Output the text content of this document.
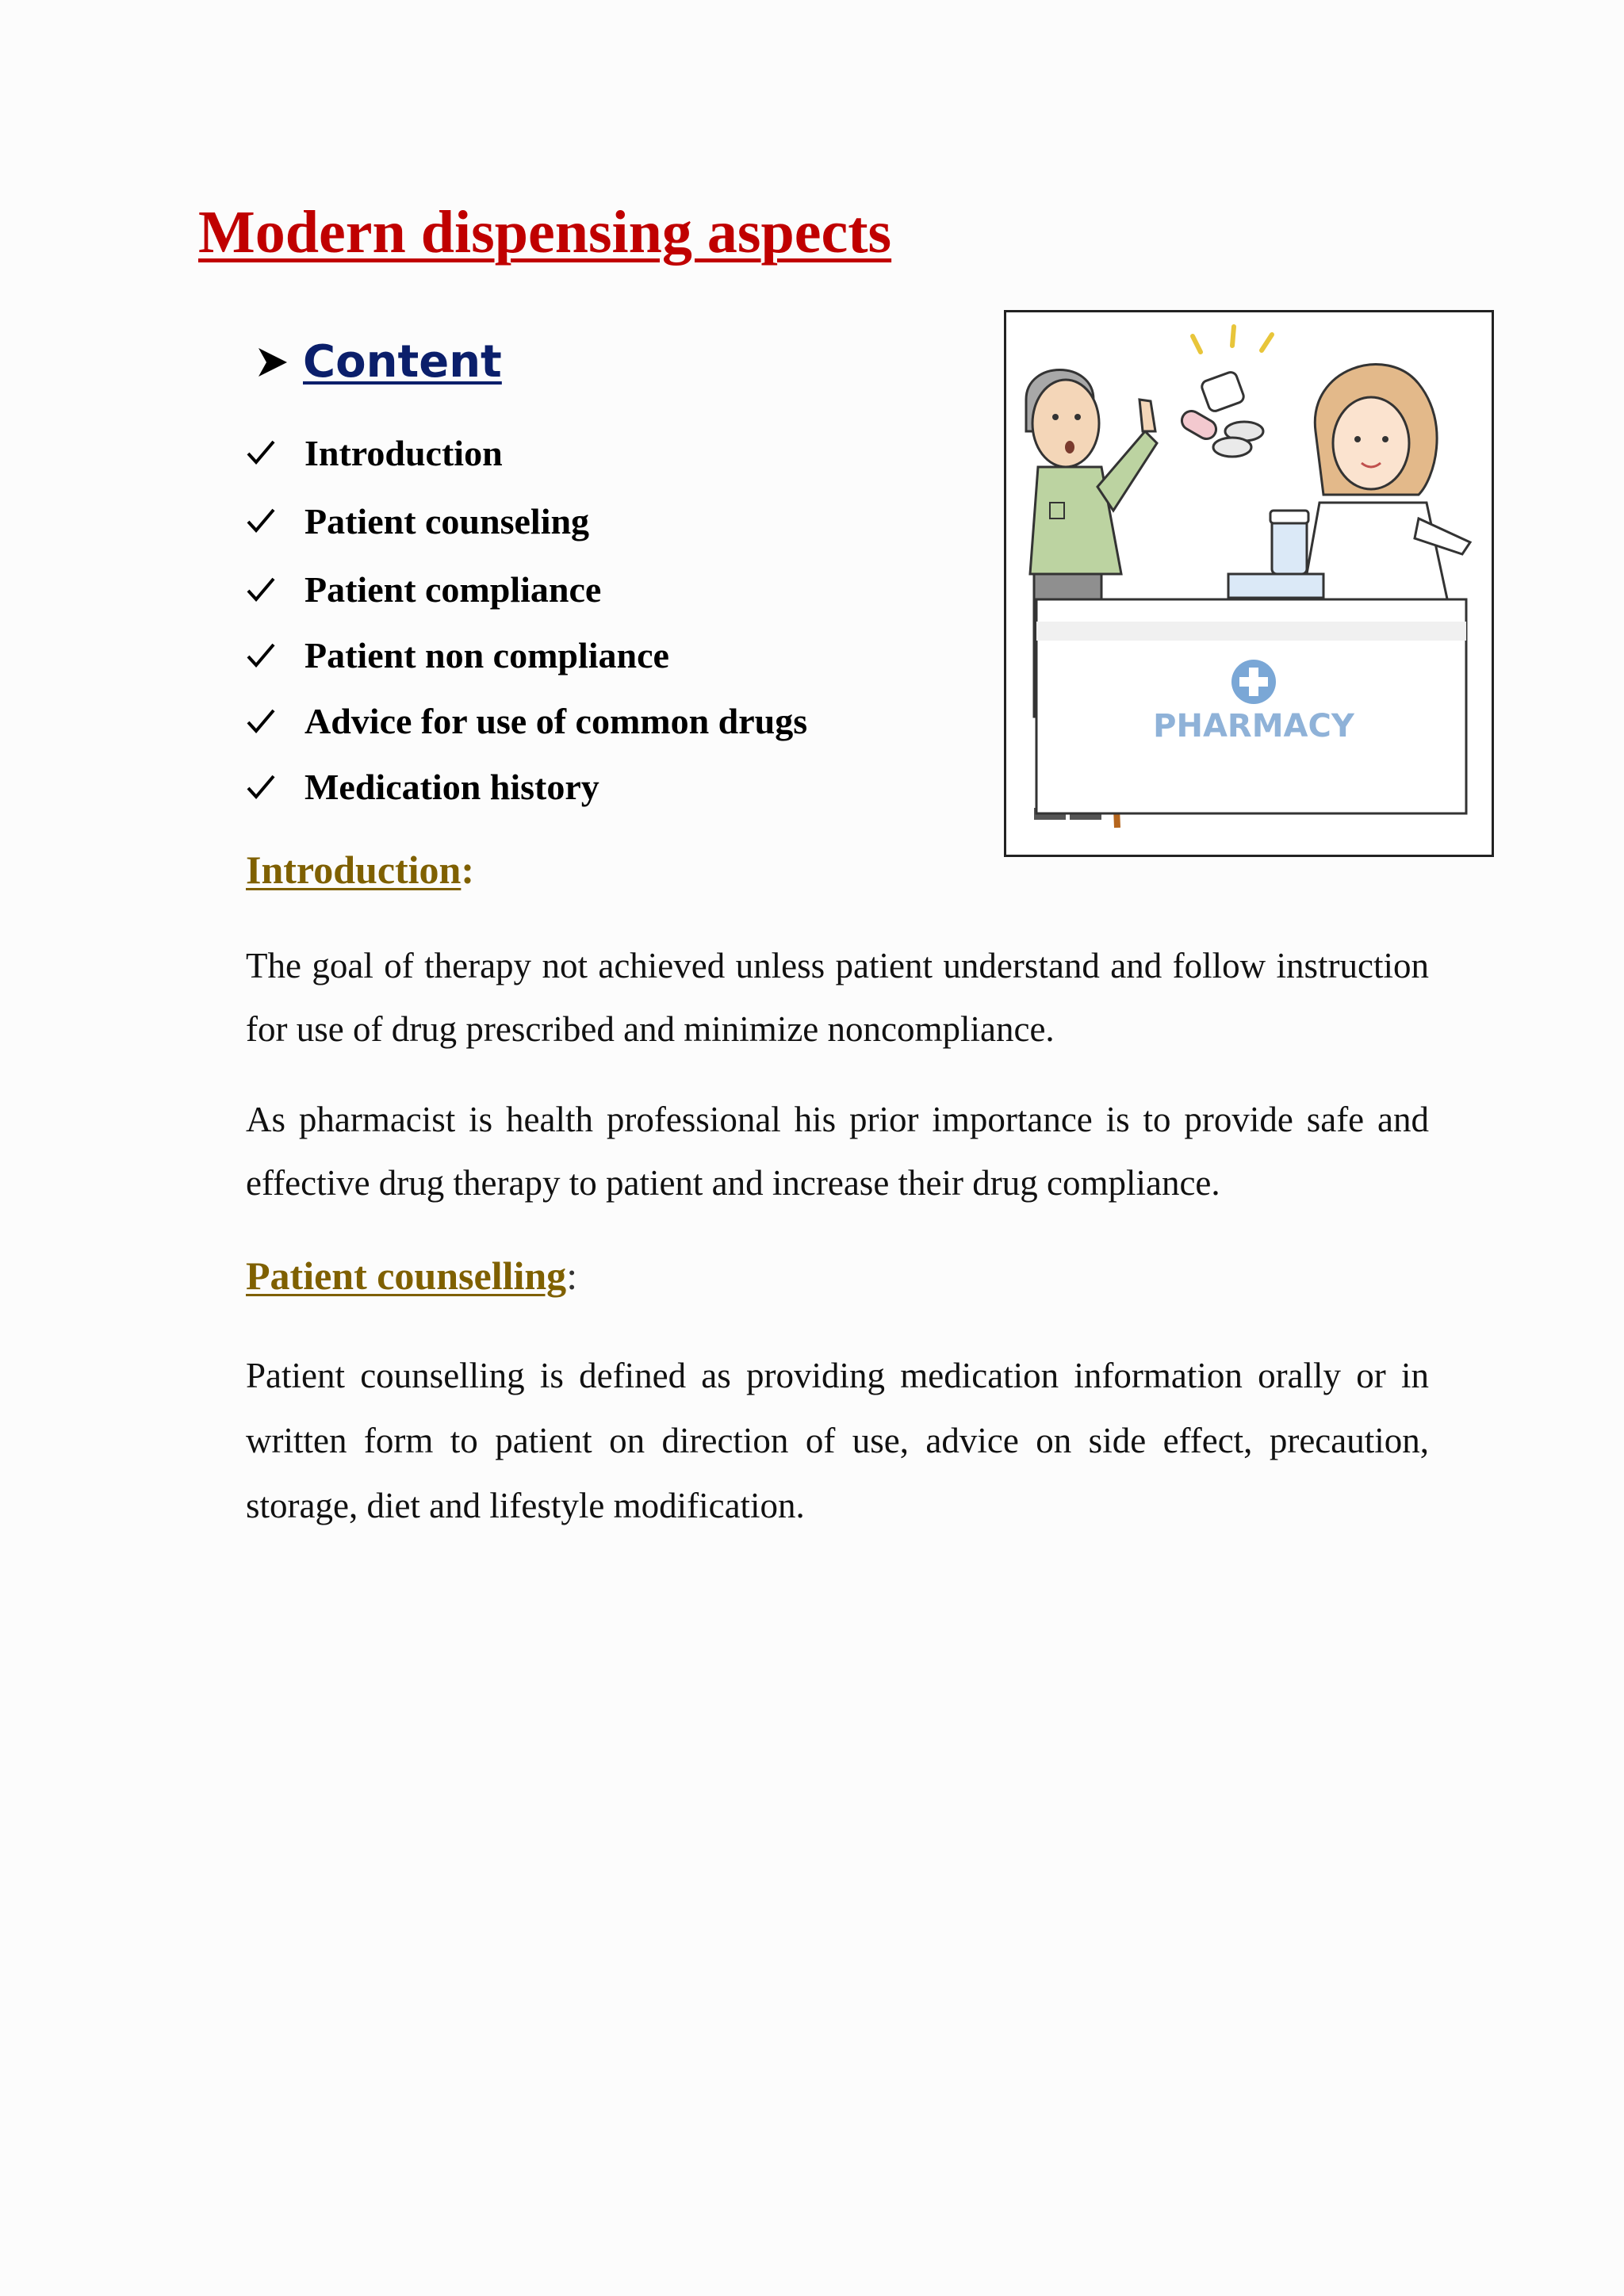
Modern dispensing aspects
Content
Introduction
Patient counseling
Patient compliance
Patient non compliance
Advice for use of common drugs
Medication history
PHARMACY
Introduction:

The goal of therapy not achieved unless patient understand and follow instruction for use of drug prescribed and minimize noncompliance.

As pharmacist is health professional his prior importance is to provide safe and effective drug therapy to patient and increase their drug compliance.

Patient counselling:

Patient counselling is defined as providing medication information orally or in written form to patient on direction of use, advice on side effect, precaution, storage, diet and lifestyle modification.
